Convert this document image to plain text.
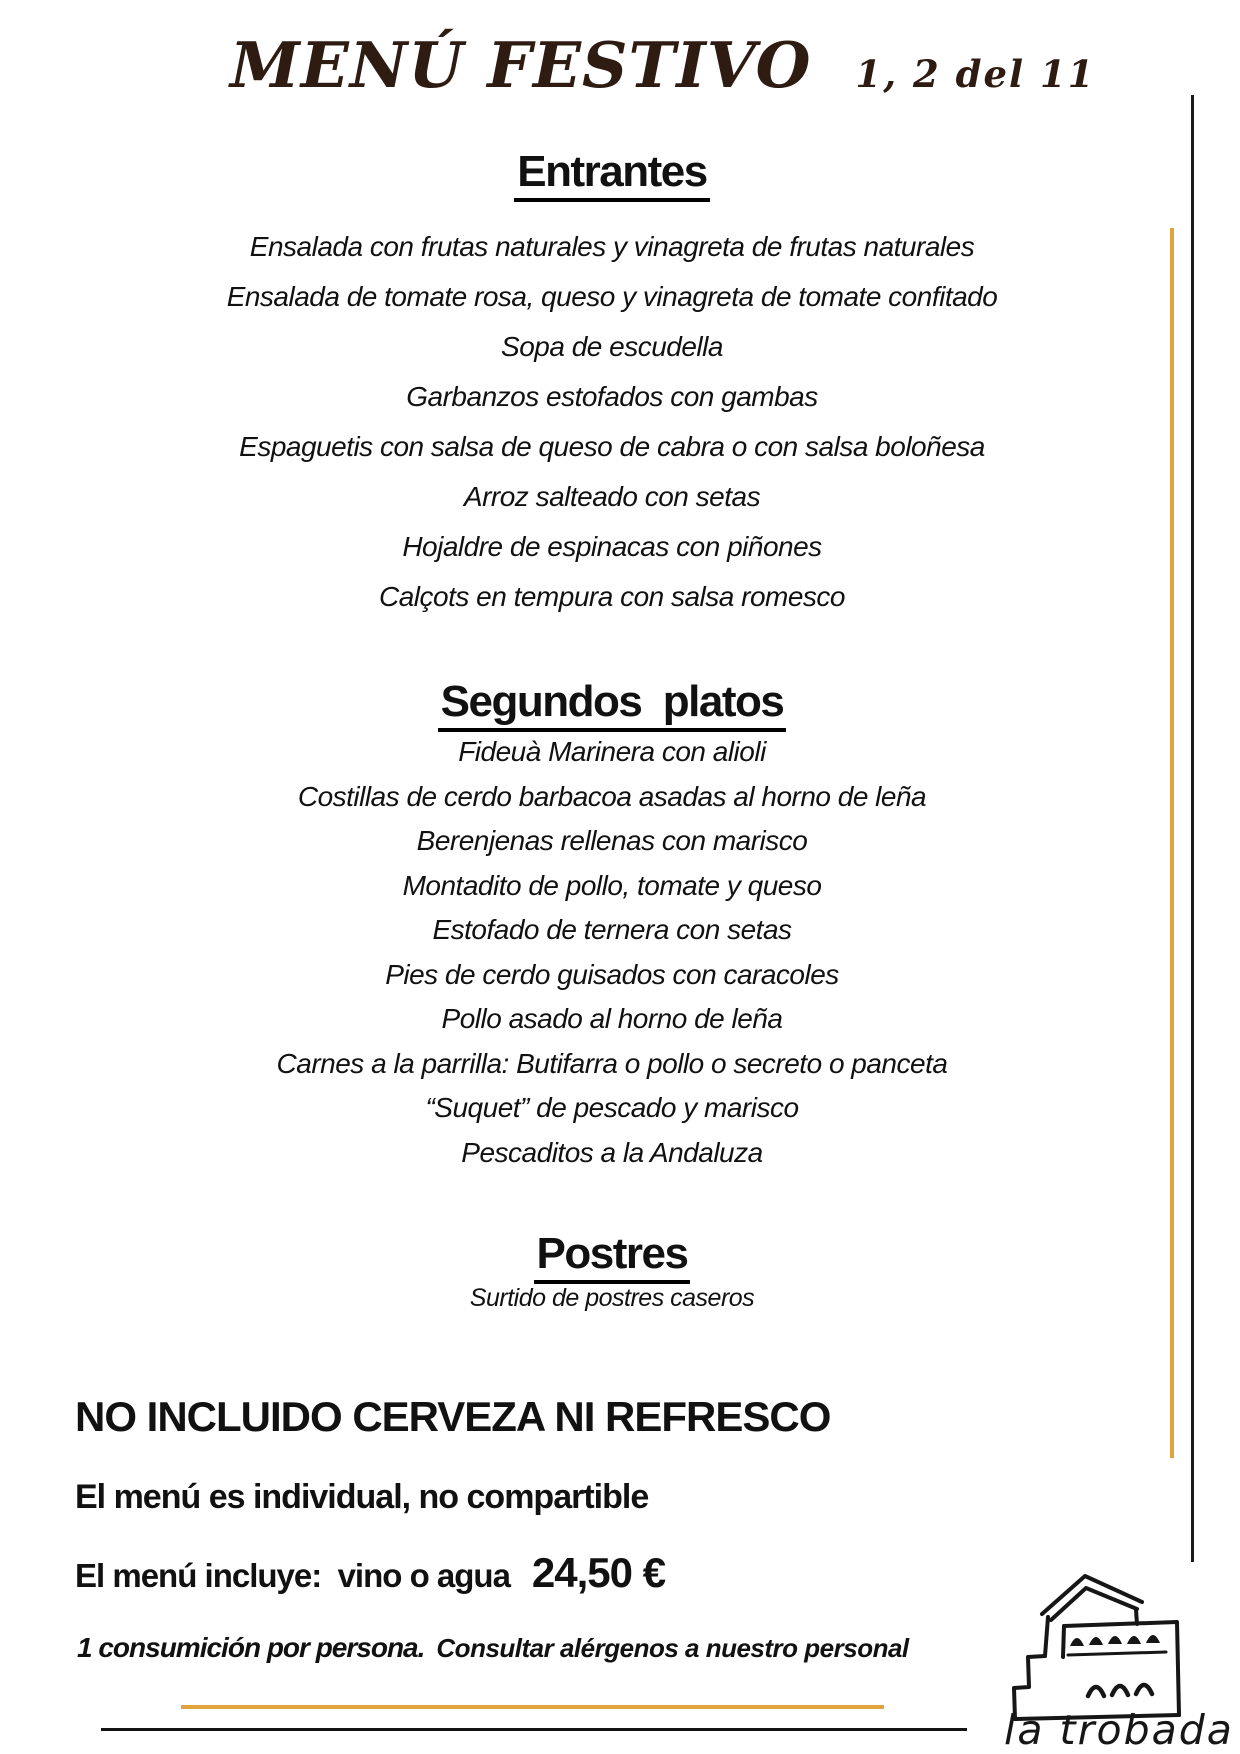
MENÚ FESTIVO 1, 2 del 11
Entrantes
Ensalada con frutas naturales y vinagreta de frutas naturales
Ensalada de tomate rosa, queso y vinagreta de tomate confitado
Sopa de escudella
Garbanzos estofados con gambas
Espaguetis con salsa de queso de cabra o con salsa boloñesa
Arroz salteado con setas
Hojaldre de espinacas con piñones
Calçots en tempura con salsa romesco
Segundos  platos
Fideuà Marinera con alioli
Costillas de cerdo barbacoa asadas al horno de leña
Berenjenas rellenas con marisco
Montadito de pollo, tomate y queso
Estofado de ternera con setas
Pies de cerdo guisados con caracoles
Pollo asado al horno de leña
Carnes a la parrilla: Butifarra o pollo o secreto o panceta
“Suquet” de pescado y marisco
Pescaditos a la Andaluza
Postres
Surtido de postres caseros
NO INCLUIDO CERVEZA NI REFRESCO
El menú es individual, no compartible
El menú incluye:  vino o agua 24,50 €
1 consumición por persona. Consultar alérgenos a nuestro personal
la trobada
